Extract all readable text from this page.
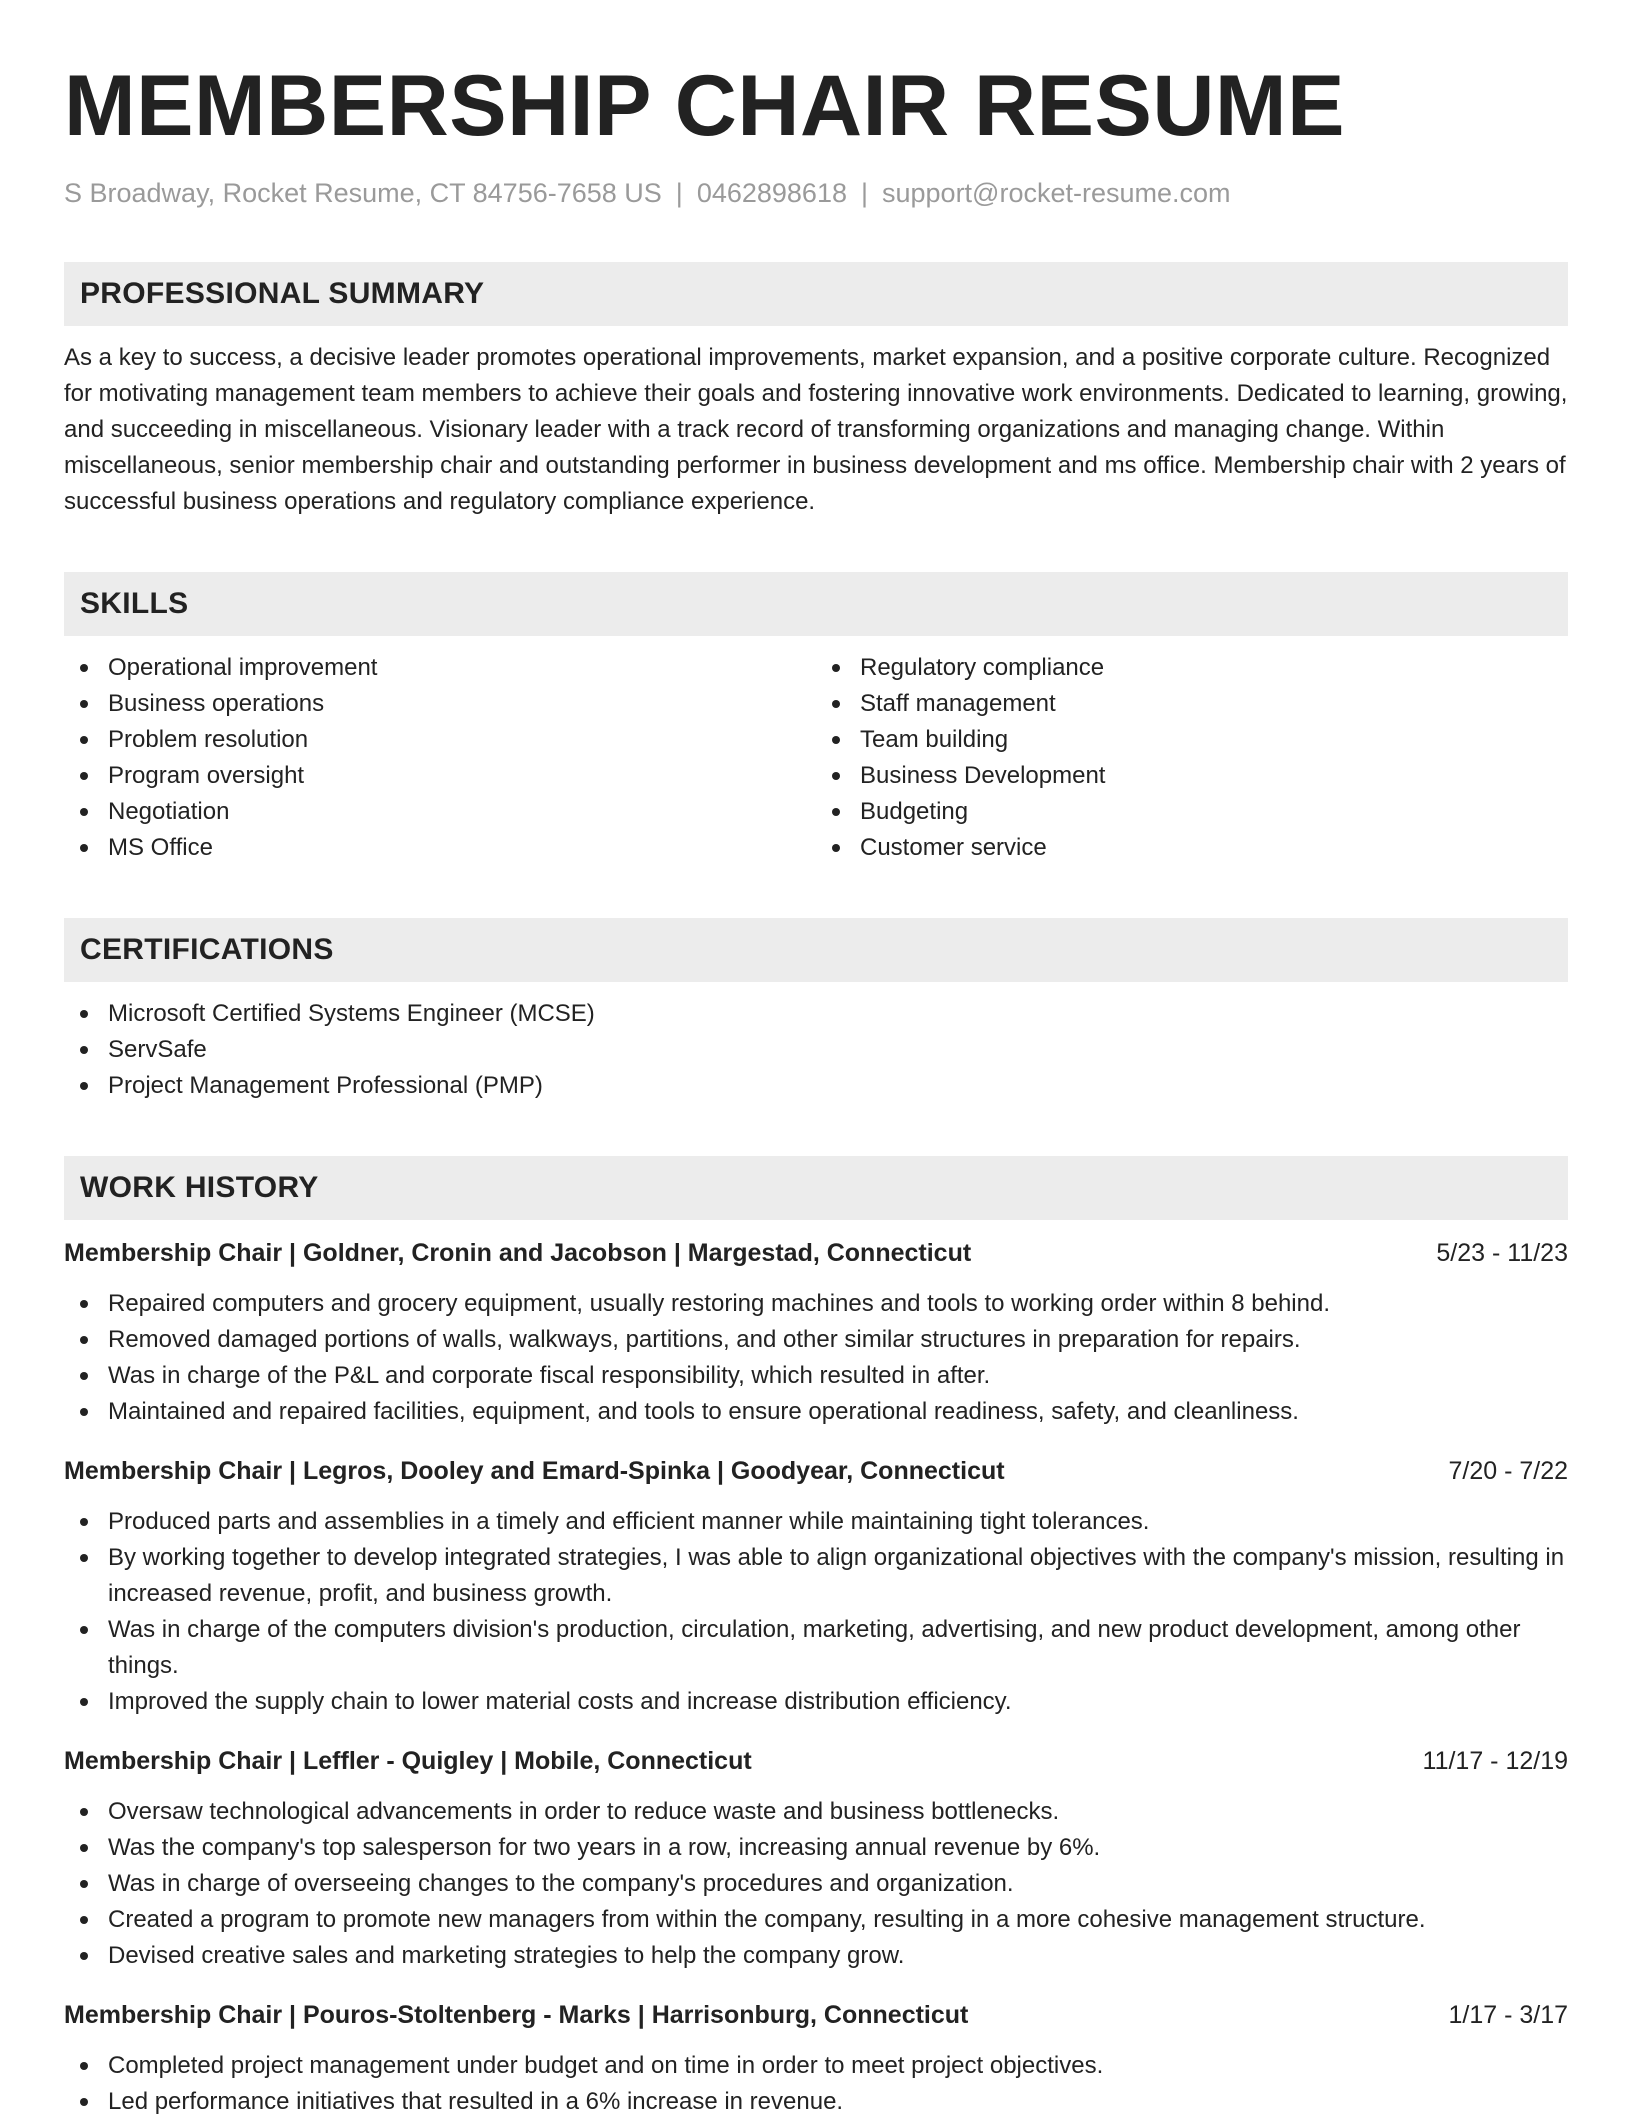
MEMBERSHIP CHAIR RESUME
S Broadway, Rocket Resume, CT 84756-7658 US | 0462898618 | support@rocket-resume.com
PROFESSIONAL SUMMARY
As a key to success, a decisive leader promotes operational improvements, market expansion, and a positive corporate culture. Recognized for motivating management team members to achieve their goals and fostering innovative work environments. Dedicated to learning, growing, and succeeding in miscellaneous. Visionary leader with a track record of transforming organizations and managing change. Within miscellaneous, senior membership chair and outstanding performer in business development and ms office. Membership chair with 2 years of successful business operations and regulatory compliance experience.
SKILLS
Operational improvement
Business operations
Problem resolution
Program oversight
Negotiation
MS Office
Regulatory compliance
Staff management
Team building
Business Development
Budgeting
Customer service
CERTIFICATIONS
Microsoft Certified Systems Engineer (MCSE)
ServSafe
Project Management Professional (PMP)
WORK HISTORY
Membership Chair | Goldner, Cronin and Jacobson | Margestad, Connecticut	5/23 - 11/23
Repaired computers and grocery equipment, usually restoring machines and tools to working order within 8 behind.
Removed damaged portions of walls, walkways, partitions, and other similar structures in preparation for repairs.
Was in charge of the P&L and corporate fiscal responsibility, which resulted in after.
Maintained and repaired facilities, equipment, and tools to ensure operational readiness, safety, and cleanliness.
Membership Chair | Legros, Dooley and Emard-Spinka | Goodyear, Connecticut	7/20 - 7/22
Produced parts and assemblies in a timely and efficient manner while maintaining tight tolerances.
By working together to develop integrated strategies, I was able to align organizational objectives with the company's mission, resulting in increased revenue, profit, and business growth.
Was in charge of the computers division's production, circulation, marketing, advertising, and new product development, among other things.
Improved the supply chain to lower material costs and increase distribution efficiency.
Membership Chair | Leffler - Quigley | Mobile, Connecticut	11/17 - 12/19
Oversaw technological advancements in order to reduce waste and business bottlenecks.
Was the company's top salesperson for two years in a row, increasing annual revenue by 6%.
Was in charge of overseeing changes to the company's procedures and organization.
Created a program to promote new managers from within the company, resulting in a more cohesive management structure.
Devised creative sales and marketing strategies to help the company grow.
Membership Chair | Pouros-Stoltenberg - Marks | Harrisonburg, Connecticut	1/17 - 3/17
Completed project management under budget and on time in order to meet project objectives.
Led performance initiatives that resulted in a 6% increase in revenue.
